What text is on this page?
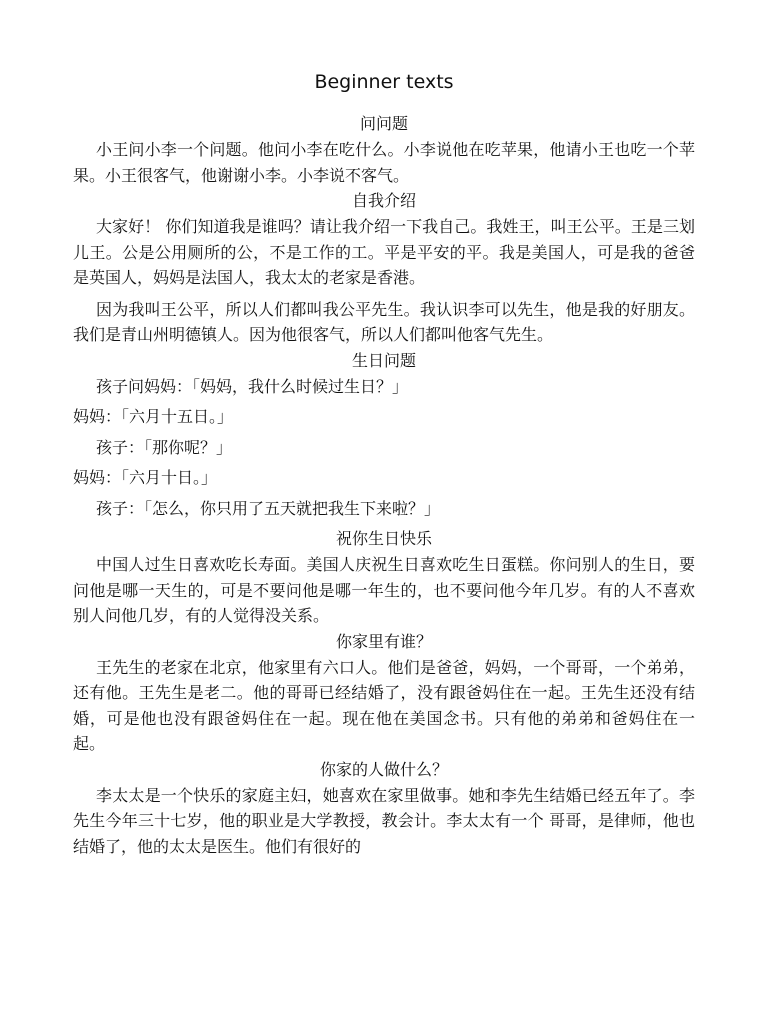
Beginner texts
问问题

小王问小李一个问题。他问小李在吃什么。小李说他在吃苹果，他请小王也吃一个苹果。小王很客气，他谢谢小李。小李说不客气。

自我介绍

大家好！ 你们知道我是谁吗？请让我介绍一下我自己。我姓王，叫王公平。王是三划儿王。公是公用厕所的公，不是工作的工。平是平安的平。我是美国人，可是我的爸爸是英国人，妈妈是法国人，我太太的老家是香港。

因为我叫王公平，所以人们都叫我公平先生。我认识李可以先生，他是我的好朋友。我们是青山州明德镇人。因为他很客气，所以人们都叫他客气先生。

生日问题
孩子问妈妈：「妈妈，我什么时候过生日？」
妈妈：「六月十五日。」
孩子：「那你呢？」
妈妈：「六月十日。」
孩子：「怎么，你只用了五天就把我生下来啦？」
祝你生日快乐

中国人过生日喜欢吃长寿面。美国人庆祝生日喜欢吃生日蛋糕。你问别人的生日，要问他是哪一天生的，可是不要问他是哪一年生的，也不要问他今年几岁。有的人不喜欢别人问他几岁，有的人觉得没关系。

你家里有谁？

王先生的老家在北京，他家里有六口人。他们是爸爸，妈妈，一个哥哥，一个弟弟，还有他。王先生是老二。他的哥哥已经结婚了，没有跟爸妈住在一起。王先生还没有结婚，可是他也没有跟爸妈住在一起。现在他在美国念书。只有他的弟弟和爸妈住在一起。

你家的人做什么？

李太太是一个快乐的家庭主妇，她喜欢在家里做事。她和李先生结婚已经五年了。李先生今年三十七岁，他的职业是大学教授，教会计。李太太有一个 哥哥，是律师，他也结婚了，他的太太是医生。他们有很好的
